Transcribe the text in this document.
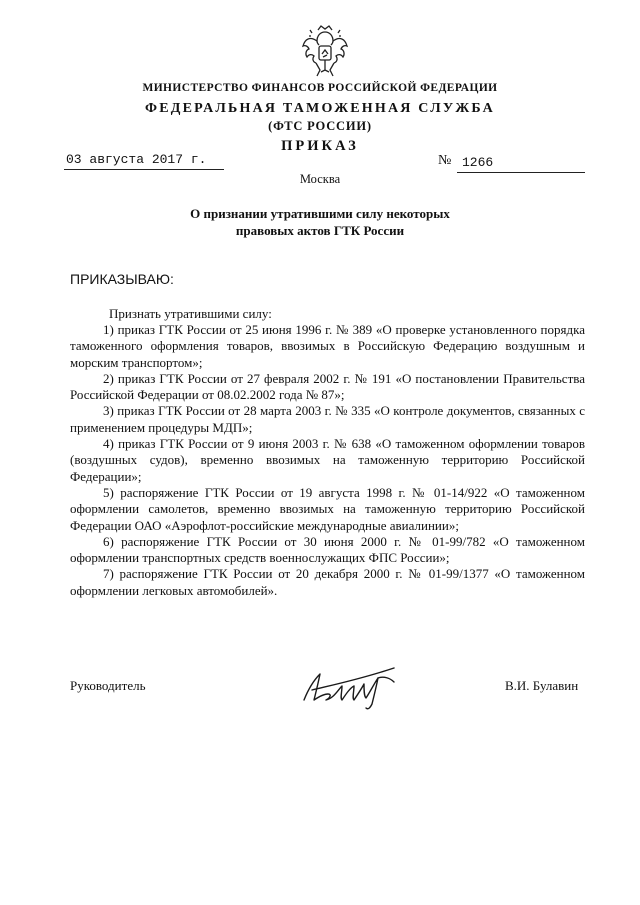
МИНИСТЕРСТВО ФИНАНСОВ РОССИЙСКОЙ ФЕДЕРАЦИИ
ФЕДЕРАЛЬНАЯ ТАМОЖЕННАЯ СЛУЖБА
(ФТС РОССИИ)
ПРИКАЗ
03 августа 2017 г.	№ 1266
Москва
О признании утратившими силу некоторых
правовых актов ГТК России
ПРИКАЗЫВАЮ:
Признать утратившими силу:

1) приказ ГТК России от 25 июня 1996 г. № 389 «О проверке установленного порядка таможенного оформления товаров, ввозимых в Российскую Федерацию воздушным и морским транспортом»;

2) приказ ГТК России от 27 февраля 2002 г. № 191 «О постановлении Правительства Российской Федерации от 08.02.2002 года № 87»;

3) приказ ГТК России от 28 марта 2003 г. № 335 «О контроле документов, связанных с применением процедуры МДП»;

4) приказ ГТК России от 9 июня 2003 г. № 638 «О таможенном оформлении товаров (воздушных судов), временно ввозимых на таможенную территорию Российской Федерации»;

5) распоряжение ГТК России от 19 августа 1998 г. № 01-14/922 «О таможенном оформлении самолетов, временно ввозимых на таможенную территорию Российской Федерации ОАО «Аэрофлот-российские международные авиалинии»;

6) распоряжение ГТК России от 30 июня 2000 г. № 01-99/782 «О таможенном оформлении транспортных средств военнослужащих ФПС России»;

7) распоряжение ГТК России от 20 декабря 2000 г. № 01-99/1377 «О таможенном оформлении легковых автомобилей».

Руководитель	В.И. Булавин
